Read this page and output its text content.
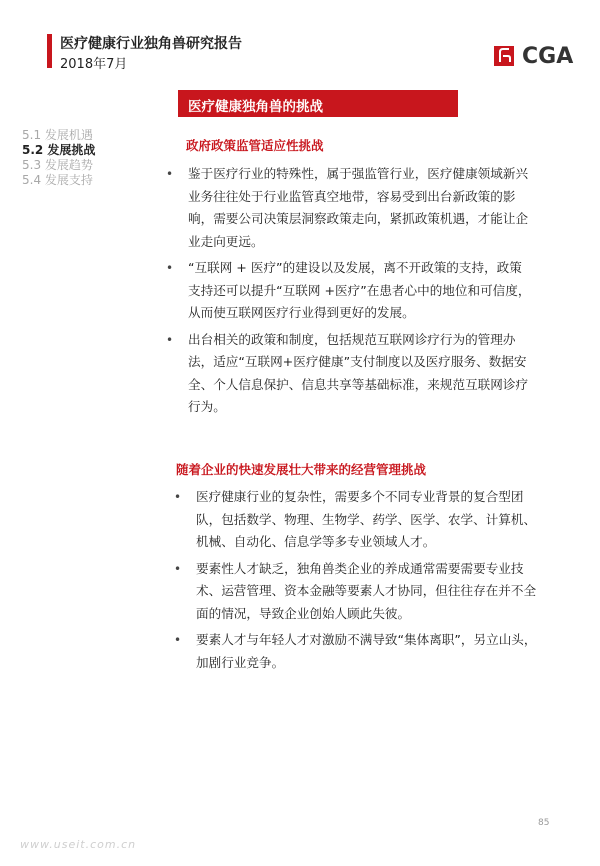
医疗健康行业独角兽研究报告
2018年7月	CGA
5.1 发展机遇
5.2 发展挑战
5.3 发展趋势
5.4 发展支持
医疗健康独角兽的挑战
政府政策监管适应性挑战
• 鉴于医疗行业的特殊性，属于强监管行业，医疗健康领域新兴业务往往处于行业监管真空地带，容易受到出台新政策的影响，需要公司决策层洞察政策走向，紧抓政策机遇，才能让企业走向更远。
• “互联网 + 医疗”的建设以及发展，离不开政策的支持，政策支持还可以提升“互联网 +医疗”在患者心中的地位和可信度，从而使互联网医疗行业得到更好的发展。
• 出台相关的政策和制度，包括规范互联网诊疗行为的管理办法，适应“互联网+医疗健康”支付制度以及医疗服务、数据安全、个人信息保护、信息共享等基础标准，来规范互联网诊疗行为。
随着企业的快速发展壮大带来的经营管理挑战
• 医疗健康行业的复杂性，需要多个不同专业背景的复合型团队，包括数学、物理、生物学、药学、医学、农学、计算机、机械、自动化、信息学等多专业领域人才。
• 要素性人才缺乏，独角兽类企业的养成通常需要需要专业技术、运营管理、资本金融等要素人才协同，但往往存在并不全面的情况，导致企业创始人顾此失彼。
• 要素人才与年轻人才对激励不满导致“集体离职”，另立山头，加剧行业竞争。
85
www.useit.com.cn
